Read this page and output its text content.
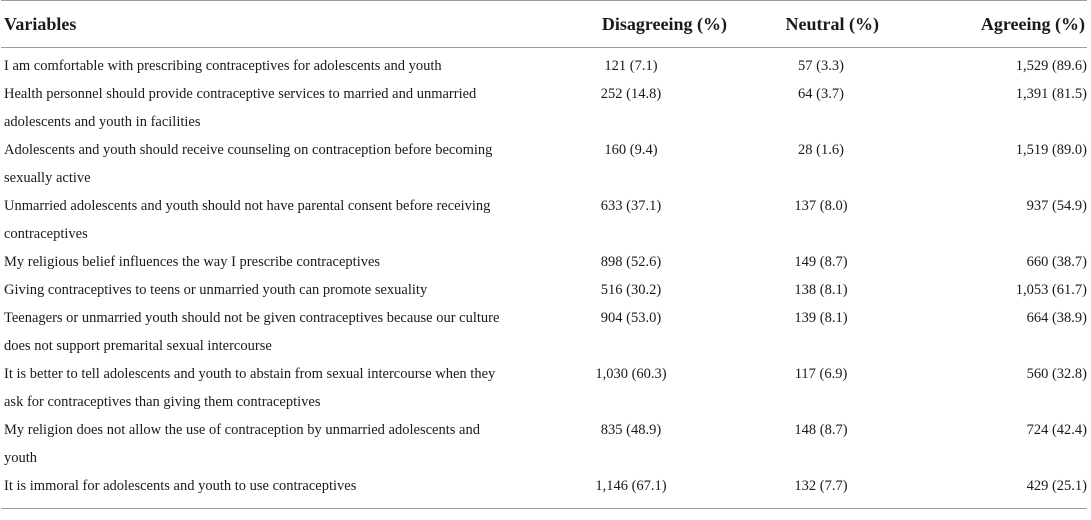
Variables	Disagreeing (%)	Neutral (%)	Agreeing (%)
I am comfortable with prescribing contraceptives for adolescents and youth	121 (7.1)	57 (3.3)	1,529 (89.6)
Health personnel should provide contraceptive services to married and unmarried adolescents and youth in facilities	252 (14.8)	64 (3.7)	1,391 (81.5)
Adolescents and youth should receive counseling on contraception before becoming sexually active	160 (9.4)	28 (1.6)	1,519 (89.0)
Unmarried adolescents and youth should not have parental consent before receiving contraceptives	633 (37.1)	137 (8.0)	937 (54.9)
My religious belief influences the way I prescribe contraceptives	898 (52.6)	149 (8.7)	660 (38.7)
Giving contraceptives to teens or unmarried youth can promote sexuality	516 (30.2)	138 (8.1)	1,053 (61.7)
Teenagers or unmarried youth should not be given contraceptives because our culture does not support premarital sexual intercourse	904 (53.0)	139 (8.1)	664 (38.9)
It is better to tell adolescents and youth to abstain from sexual intercourse when they ask for contraceptives than giving them contraceptives	1,030 (60.3)	117 (6.9)	560 (32.8)
My religion does not allow the use of contraception by unmarried adolescents and youth	835 (48.9)	148 (8.7)	724 (42.4)
It is immoral for adolescents and youth to use contraceptives	1,146 (67.1)	132 (7.7)	429 (25.1)
